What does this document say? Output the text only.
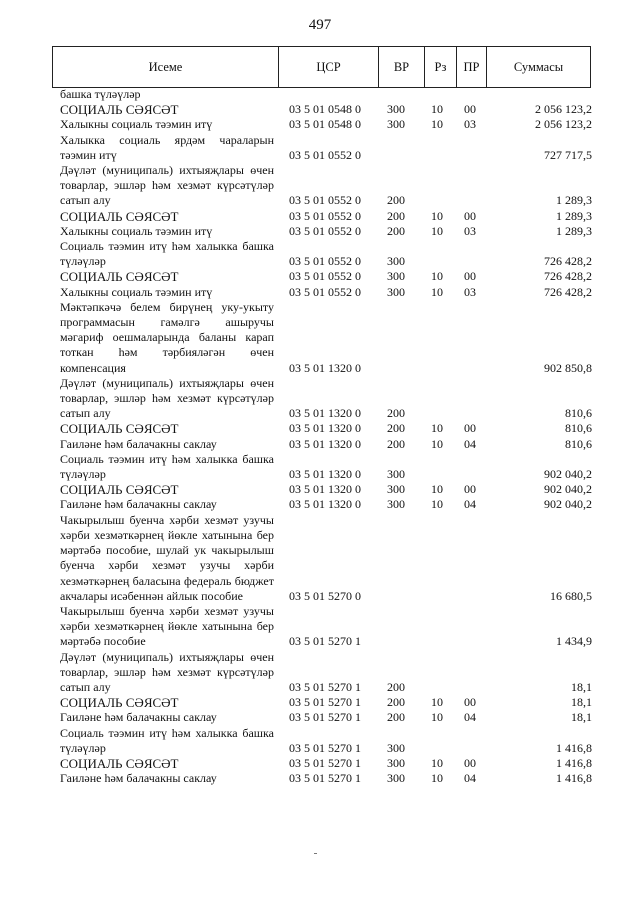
497
Исеме	ЦСР	ВР	Рз	ПР	Суммасы
башка түләүләр					
СОЦИАЛЬ СӘЯСӘТ	03 5 01 0548 0	300	10	00	2 056 123,2
Халыкны социаль тәэмин итү	03 5 01 0548 0	300	10	03	2 056 123,2
Халыкка социаль ярдәм чараларын тәэмин итү	03 5 01 0552 0				727 717,5
Дәүләт (муниципаль) ихтыяҗлары өчен товарлар, эшләр һәм хезмәт күрсәтүләр сатып алу	03 5 01 0552 0	200			1 289,3
СОЦИАЛЬ СӘЯСӘТ	03 5 01 0552 0	200	10	00	1 289,3
Халыкны социаль тәэмин итү	03 5 01 0552 0	200	10	03	1 289,3
Социаль тәэмин итү һәм халыкка башка түләүләр	03 5 01 0552 0	300			726 428,2
СОЦИАЛЬ СӘЯСӘТ	03 5 01 0552 0	300	10	00	726 428,2
Халыкны социаль тәэмин итү	03 5 01 0552 0	300	10	03	726 428,2
Мәктәпкәчә белем бирүнең уку-укыту программасын гамәлгә ашыручы мәгариф оешмаларында баланы карап тоткан һәм тәрбияләгән өчен компенсация	03 5 01 1320 0				902 850,8
Дәүләт (муниципаль) ихтыяҗлары өчен товарлар, эшләр һәм хезмәт күрсәтүләр сатып алу	03 5 01 1320 0	200			810,6
СОЦИАЛЬ СӘЯСӘТ	03 5 01 1320 0	200	10	00	810,6
Гаиләне һәм балачакны саклау	03 5 01 1320 0	200	10	04	810,6
Социаль тәэмин итү һәм халыкка башка түләүләр	03 5 01 1320 0	300			902 040,2
СОЦИАЛЬ СӘЯСӘТ	03 5 01 1320 0	300	10	00	902 040,2
Гаиләне һәм балачакны саклау	03 5 01 1320 0	300	10	04	902 040,2
Чакырылыш буенча хәрби хезмәт узучы хәрби хезмәткәрнең йөкле хатынына бер мәртәбә пособие, шулай ук чакырылыш буенча хәрби хезмәт узучы хәрби хезмәткәрнең баласына федераль бюджет акчалары исәбеннән айлык пособие	03 5 01 5270 0				16 680,5
Чакырылыш буенча хәрби хезмәт узучы хәрби хезмәткәрнең йөкле хатынына бер мәртәбә пособие	03 5 01 5270 1				1 434,9
Дәүләт (муниципаль) ихтыяҗлары өчен товарлар, эшләр һәм хезмәт күрсәтүләр сатып алу	03 5 01 5270 1	200			18,1
СОЦИАЛЬ СӘЯСӘТ	03 5 01 5270 1	200	10	00	18,1
Гаиләне һәм балачакны саклау	03 5 01 5270 1	200	10	04	18,1
Социаль тәэмин итү һәм халыкка башка түләүләр	03 5 01 5270 1	300			1 416,8
СОЦИАЛЬ СӘЯСӘТ	03 5 01 5270 1	300	10	00	1 416,8
Гаиләне һәм балачакны саклау	03 5 01 5270 1	300	10	04	1 416,8
